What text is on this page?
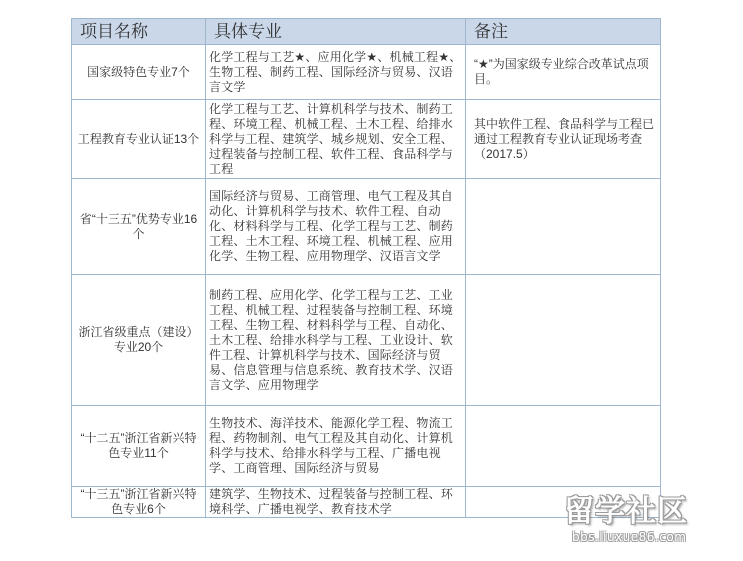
项目名称	具体专业	备注
国家级特色专业7个	化学工程与工艺★、应用化学★、机械工程★、生物工程、制药工程、国际经济与贸易、汉语言文学	“★”为国家级专业综合改革试点项目。
工程教育专业认证13个	化学工程与工艺、计算机科学与技术、制药工程、环境工程、机械工程、土木工程、给排水科学与工程、建筑学、城乡规划、安全工程、过程装备与控制工程、软件工程、食品科学与工程	其中软件工程、食品科学与工程已通过工程教育专业认证现场考查（2017.5）
省“十三五”优势专业16个	国际经济与贸易、工商管理、电气工程及其自动化、计算机科学与技术、软件工程、自动化、材料科学与工程、化学工程与工艺、制药工程、土木工程、环境工程、机械工程、应用化学、生物工程、应用物理学、汉语言文学	
浙江省级重点（建设）专业20个	制药工程、应用化学、化学工程与工艺、工业工程、机械工程、过程装备与控制工程、环境工程、生物工程、材料科学与工程、自动化、土木工程、给排水科学与工程、工业设计、软件工程、计算机科学与技术、国际经济与贸易、信息管理与信息系统、教育技术学、汉语言文学、应用物理学	
“十二五”浙江省新兴特色专业11个	生物技术、海洋技术、能源化学工程、物流工程、药物制剂、电气工程及其自动化、计算机科学与技术、给排水科学与工程、广播电视学、工商管理、国际经济与贸易	
“十三五”浙江省新兴特色专业6个	建筑学、生物技术、过程装备与控制工程、环境科学、广播电视学、教育技术学		留学社区
bbs.liuxue86.com
